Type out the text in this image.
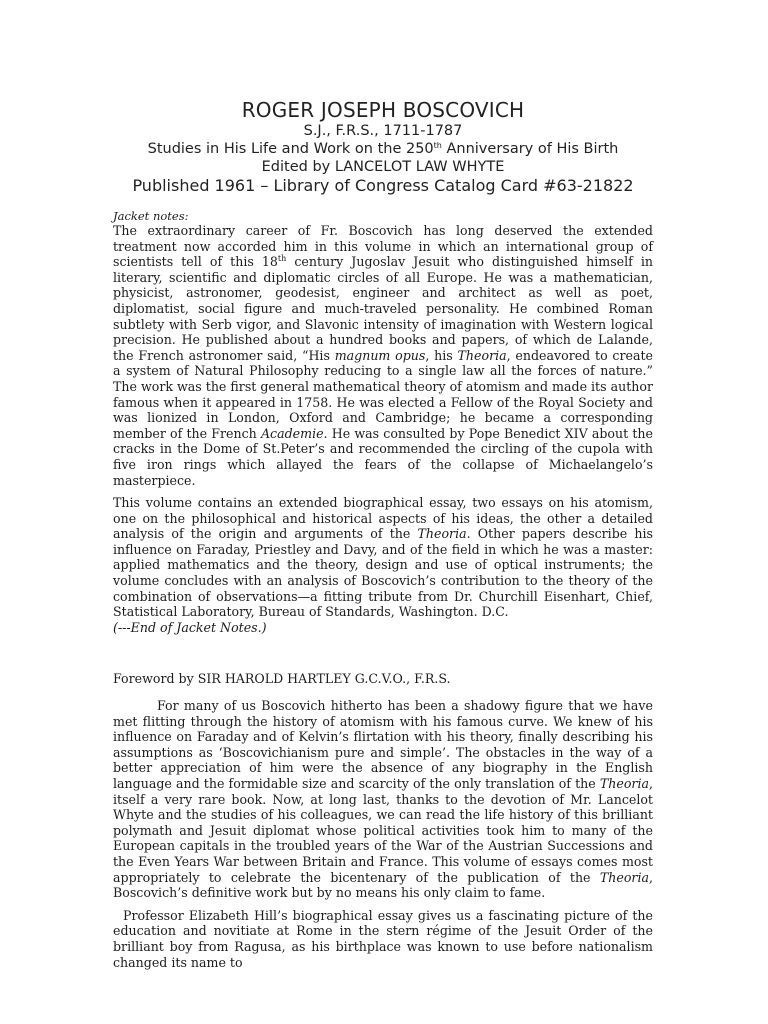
ROGER JOSEPH BOSCOVICH
S.J., F.R.S., 1711-1787
Studies in His Life and Work on the 250th Anniversary of His Birth
Edited by LANCELOT LAW WHYTE
Published 1961 – Library of Congress Catalog Card #63-21822
Jacket notes:

The extraordinary career of Fr. Boscovich has long deserved the extended treatment now accorded him in this volume in which an international group of scientists tell of this 18th century Jugoslav Jesuit who distinguished himself in literary, scientific and diplomatic circles of all Europe. He was a mathematician, physicist, astronomer, geodesist, engineer and architect as well as poet, diplomatist, social figure and much-traveled personality. He combined Roman subtlety with Serb vigor, and Slavonic intensity of imagination with Western logical precision. He published about a hundred books and papers, of which de Lalande, the French astronomer said, “His magnum opus, his Theoria, endeavored to create a system of Natural Philosophy reducing to a single law all the forces of nature.” The work was the first general mathematical theory of atomism and made its author famous when it appeared in 1758. He was elected a Fellow of the Royal Society and was lionized in London, Oxford and Cambridge; he became a corresponding member of the French Academie. He was consulted by Pope Benedict XIV about the cracks in the Dome of St.Peter’s and recommended the circling of the cupola with five iron rings which allayed the fears of the collapse of Michaelangelo’s masterpiece.

This volume contains an extended biographical essay, two essays on his atomism, one on the philosophical and historical aspects of his ideas, the other a detailed analysis of the origin and arguments of the Theoria. Other papers describe his influence on Faraday, Priestley and Davy, and of the field in which he was a master: applied mathematics and the theory, design and use of optical instruments; the volume concludes with an analysis of Boscovich’s contribution to the theory of the combination of observations—a fitting tribute from Dr. Churchill Eisenhart, Chief, Statistical Laboratory, Bureau of Standards, Washington. D.C.

(---End of Jacket Notes.)

Foreword by SIR HAROLD HARTLEY G.C.V.O., F.R.S.

For many of us Boscovich hitherto has been a shadowy figure that we have met flitting through the history of atomism with his famous curve. We knew of his influence on Faraday and of Kelvin’s flirtation with his theory, finally describing his assumptions as ‘Boscovichianism pure and simple’. The obstacles in the way of a better appreciation of him were the absence of any biography in the English language and the formidable size and scarcity of the only translation of the Theoria, itself a very rare book. Now, at long last, thanks to the devotion of Mr. Lancelot Whyte and the studies of his colleagues, we can read the life history of this brilliant polymath and Jesuit diplomat whose political activities took him to many of the European capitals in the troubled years of the War of the Austrian Successions and the Even Years War between Britain and France. This volume of essays comes most appropriately to celebrate the bicentenary of the publication of the Theoria, Boscovich’s definitive work but by no means his only claim to fame.

Professor Elizabeth Hill’s biographical essay gives us a fascinating picture of the education and novitiate at Rome in the stern régime of the Jesuit Order of the brilliant boy from Ragusa, as his birthplace was known to use before nationalism changed its name to
